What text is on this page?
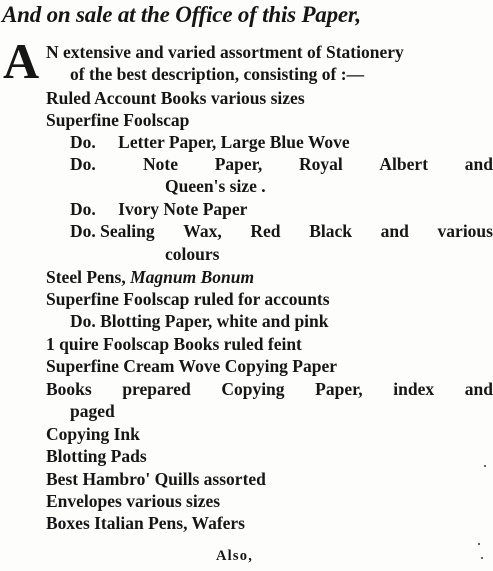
And on sale at the Office of this Paper,
A N extensive and varied assortment of Stationery
of the best description, consisting of :—
Ruled Account Books various sizes
Superfine Foolscap
Do. Letter Paper, Large Blue Wove
Do.	Note Paper, Royal Albert and
Queen's size .
Do. Ivory Note Paper
Do. Sealing Wax, Red Black and various
colours
Steel Pens, Magnum Bonum
Superfine Foolscap ruled for accounts
Do. Blotting Paper, white and pink
1 quire Foolscap Books ruled feint
Superfine Cream Wove Copying Paper
Books prepared Copying Paper, index and
paged
Copying Ink
Blotting Pads
Best Hambro' Quills assorted
Envelopes various sizes
Boxes Italian Pens, Wafers
Also,
